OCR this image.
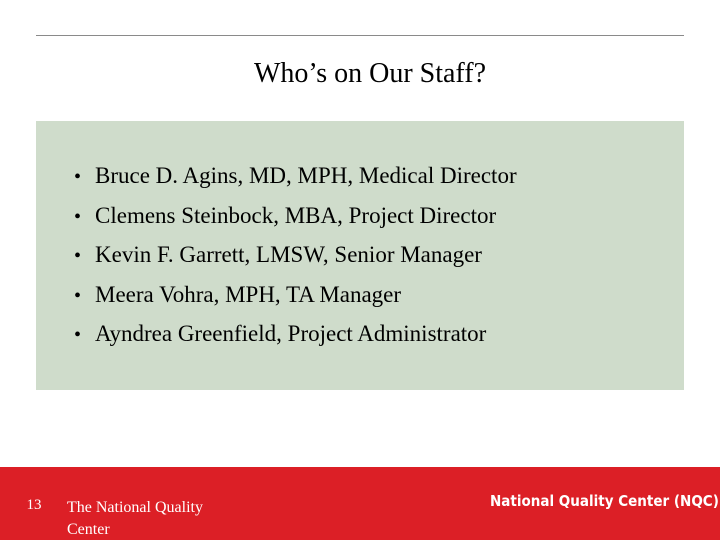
Who’s on Our Staff?
• Bruce D. Agins, MD, MPH, Medical Director
• Clemens Steinbock, MBA, Project Director
• Kevin F. Garrett, LMSW, Senior Manager
• Meera Vohra, MPH, TA Manager
• Ayndrea Greenfield, Project Administrator
13 The National Quality Center
National Quality Center (NQC)
